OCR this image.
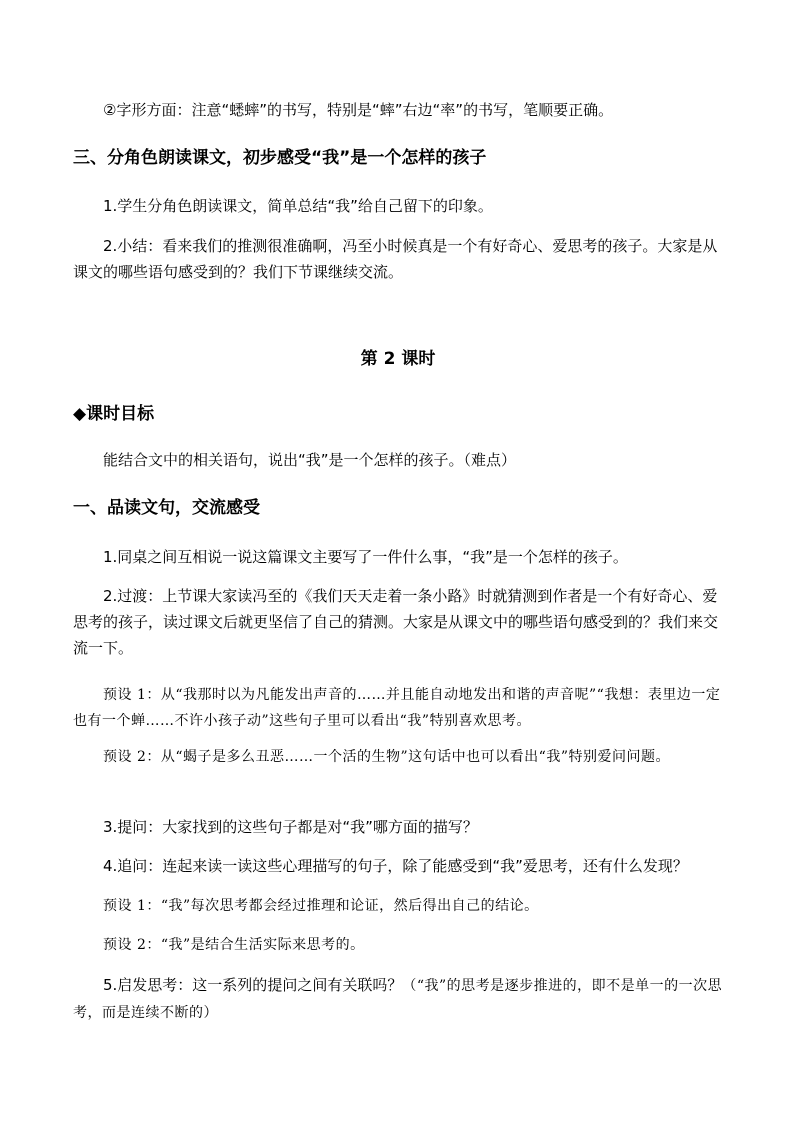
②字形方面：注意“蟋蟀”的书写，特别是“蟀”右边“率”的书写，笔顺要正确。

三、分角色朗读课文，初步感受“我”是一个怎样的孩子

1.学生分角色朗读课文，简单总结“我”给自己留下的印象。

2.小结：看来我们的推测很准确啊，冯至小时候真是一个有好奇心、爱思考的孩子。大家是从课文的哪些语句感受到的？我们下节课继续交流。

第 2 课时
◆课时目标

能结合文中的相关语句，说出“我”是一个怎样的孩子。（难点）

一、品读文句，交流感受

1.同桌之间互相说一说这篇课文主要写了一件什么事，“我”是一个怎样的孩子。

2.过渡：上节课大家读冯至的《我们天天走着一条小路》时就猜测到作者是一个有好奇心、爱思考的孩子，读过课文后就更坚信了自己的猜测。大家是从课文中的哪些语句感受到的？我们来交流一下。

预设 1：从“我那时以为凡能发出声音的……并且能自动地发出和谐的声音呢”“我想：表里边一定也有一个蝉……不许小孩子动”这些句子里可以看出“我”特别喜欢思考。

预设 2：从“蝎子是多么丑恶……一个活的生物”这句话中也可以看出“我”特别爱问问题。

3.提问：大家找到的这些句子都是对“我”哪方面的描写？

4.追问：连起来读一读这些心理描写的句子，除了能感受到“我”爱思考，还有什么发现？

预设 1：“我”每次思考都会经过推理和论证，然后得出自己的结论。

预设 2：“我”是结合生活实际来思考的。

5.启发思考：这一系列的提问之间有关联吗？（“我”的思考是逐步推进的，即不是单一的一次思考，而是连续不断的）
